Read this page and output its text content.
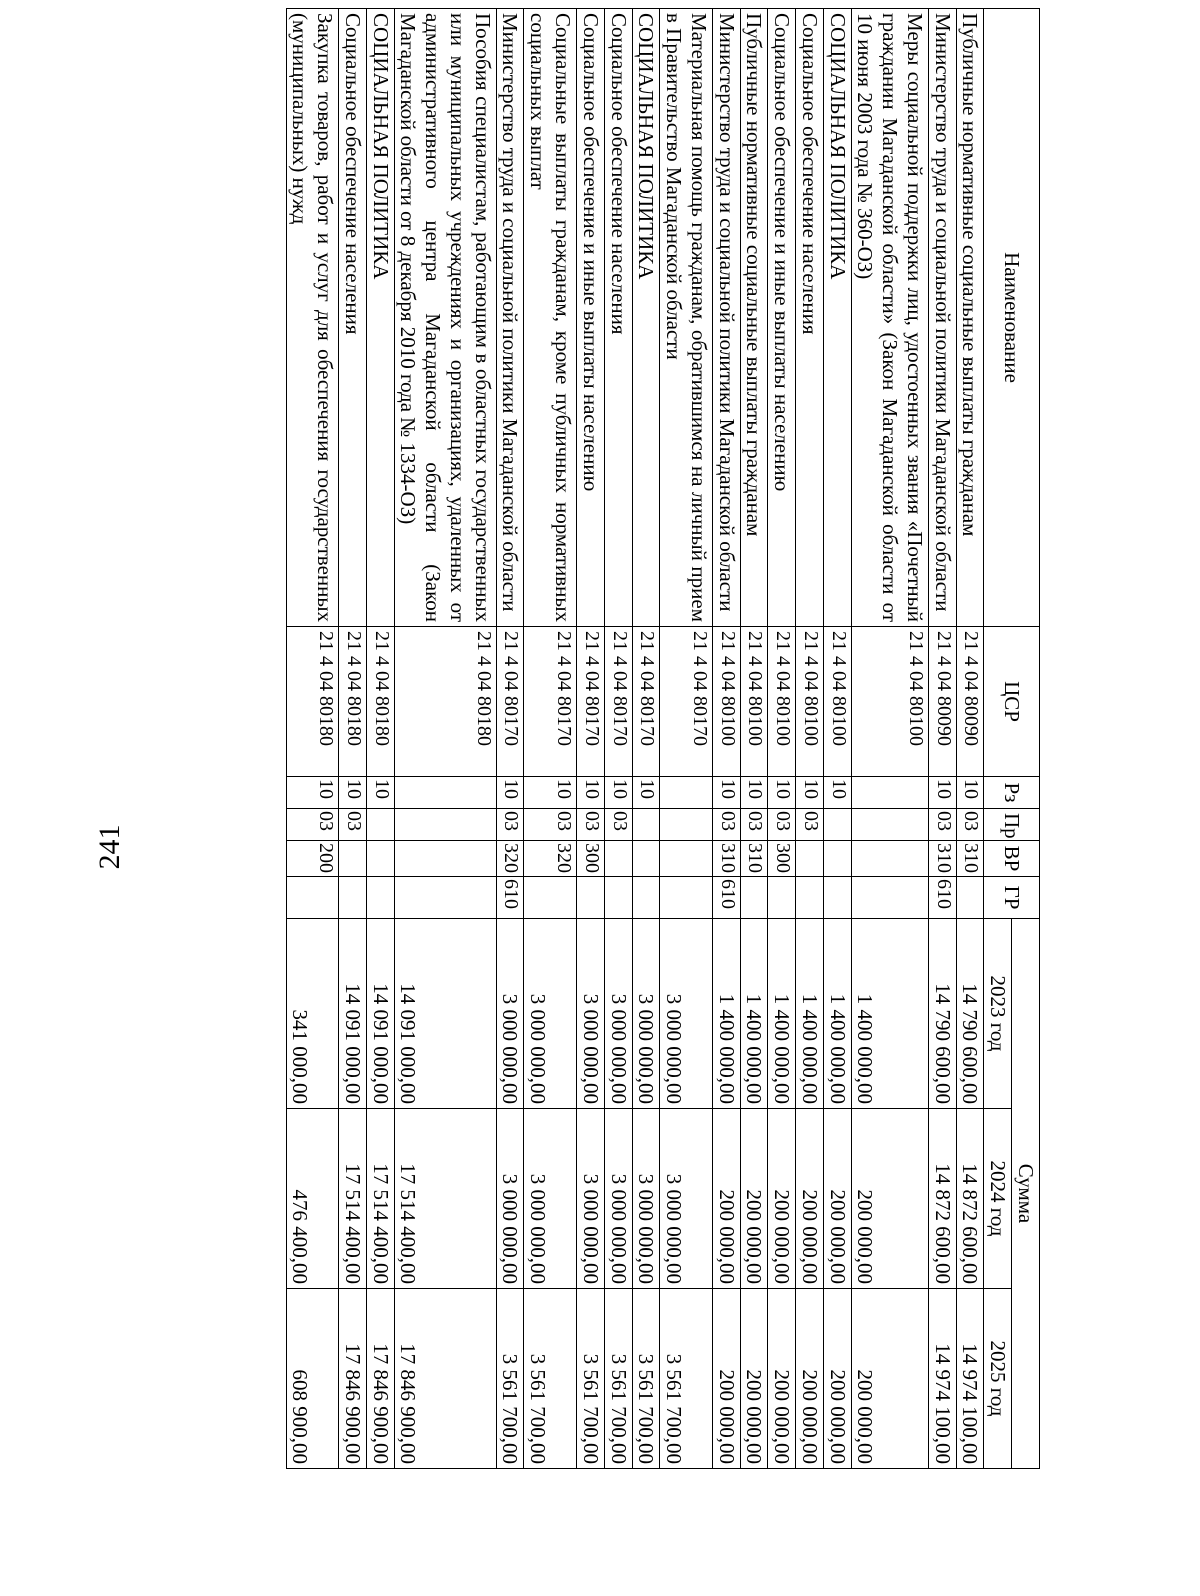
241
Наименование	ЦСР	Рз	Пр	ВР	ГР	Сумма		
						2023 год	2024 год	2025 год
Публичные нормативные социальные выплаты гражданам	21 4 04 80090	10	03	310		14 790 600,00	14 872 600,00	14 974 100,00
Министерство труда и социальной политики Магаданской области	21 4 04 80090	10	03	310	610	14 790 600,00	14 872 600,00	14 974 100,00
Меры социальной поддержки лиц, удостоенных звания «Почетный гражданин Магаданской области» (Закон Магаданской области от 10 июня 2003 года № 360-ОЗ)	21 4 04 80100					1 400 000,00	200 000,00	200 000,00
СОЦИАЛЬНАЯ ПОЛИТИКА	21 4 04 80100	10				1 400 000,00	200 000,00	200 000,00
Социальное обеспечение населения	21 4 04 80100	10	03			1 400 000,00	200 000,00	200 000,00
Социальное обеспечение и иные выплаты населению	21 4 04 80100	10	03	300		1 400 000,00	200 000,00	200 000,00
Публичные нормативные социальные выплаты гражданам	21 4 04 80100	10	03	310		1 400 000,00	200 000,00	200 000,00
Министерство труда и социальной политики Магаданской области	21 4 04 80100	10	03	310	610	1 400 000,00	200 000,00	200 000,00
Материальная помощь гражданам, обратившимся на личный прием в Правительство Магаданской области	21 4 04 80170					3 000 000,00	3 000 000,00	3 561 700,00
СОЦИАЛЬНАЯ ПОЛИТИКА	21 4 04 80170	10				3 000 000,00	3 000 000,00	3 561 700,00
Социальное обеспечение населения	21 4 04 80170	10	03			3 000 000,00	3 000 000,00	3 561 700,00
Социальное обеспечение и иные выплаты населению	21 4 04 80170	10	03	300		3 000 000,00	3 000 000,00	3 561 700,00
Социальные выплаты гражданам, кроме публичных нормативных социальных выплат	21 4 04 80170	10	03	320		3 000 000,00	3 000 000,00	3 561 700,00
Министерство труда и социальной политики Магаданской области	21 4 04 80170	10	03	320	610	3 000 000,00	3 000 000,00	3 561 700,00
Пособия специалистам, работающим в областных государственных или муниципальных учреждениях и организациях, удаленных от административного центра Магаданской области (Закон Магаданской области от 8 декабря 2010 года № 1334-ОЗ)	21 4 04 80180					14 091 000,00	17 514 400,00	17 846 900,00
СОЦИАЛЬНАЯ ПОЛИТИКА	21 4 04 80180	10				14 091 000,00	17 514 400,00	17 846 900,00
Социальное обеспечение населения	21 4 04 80180	10	03			14 091 000,00	17 514 400,00	17 846 900,00
Закупка товаров, работ и услуг для обеспечения государственных (муниципальных) нужд	21 4 04 80180	10	03	200		341 000,00	476 400,00	608 900,00
